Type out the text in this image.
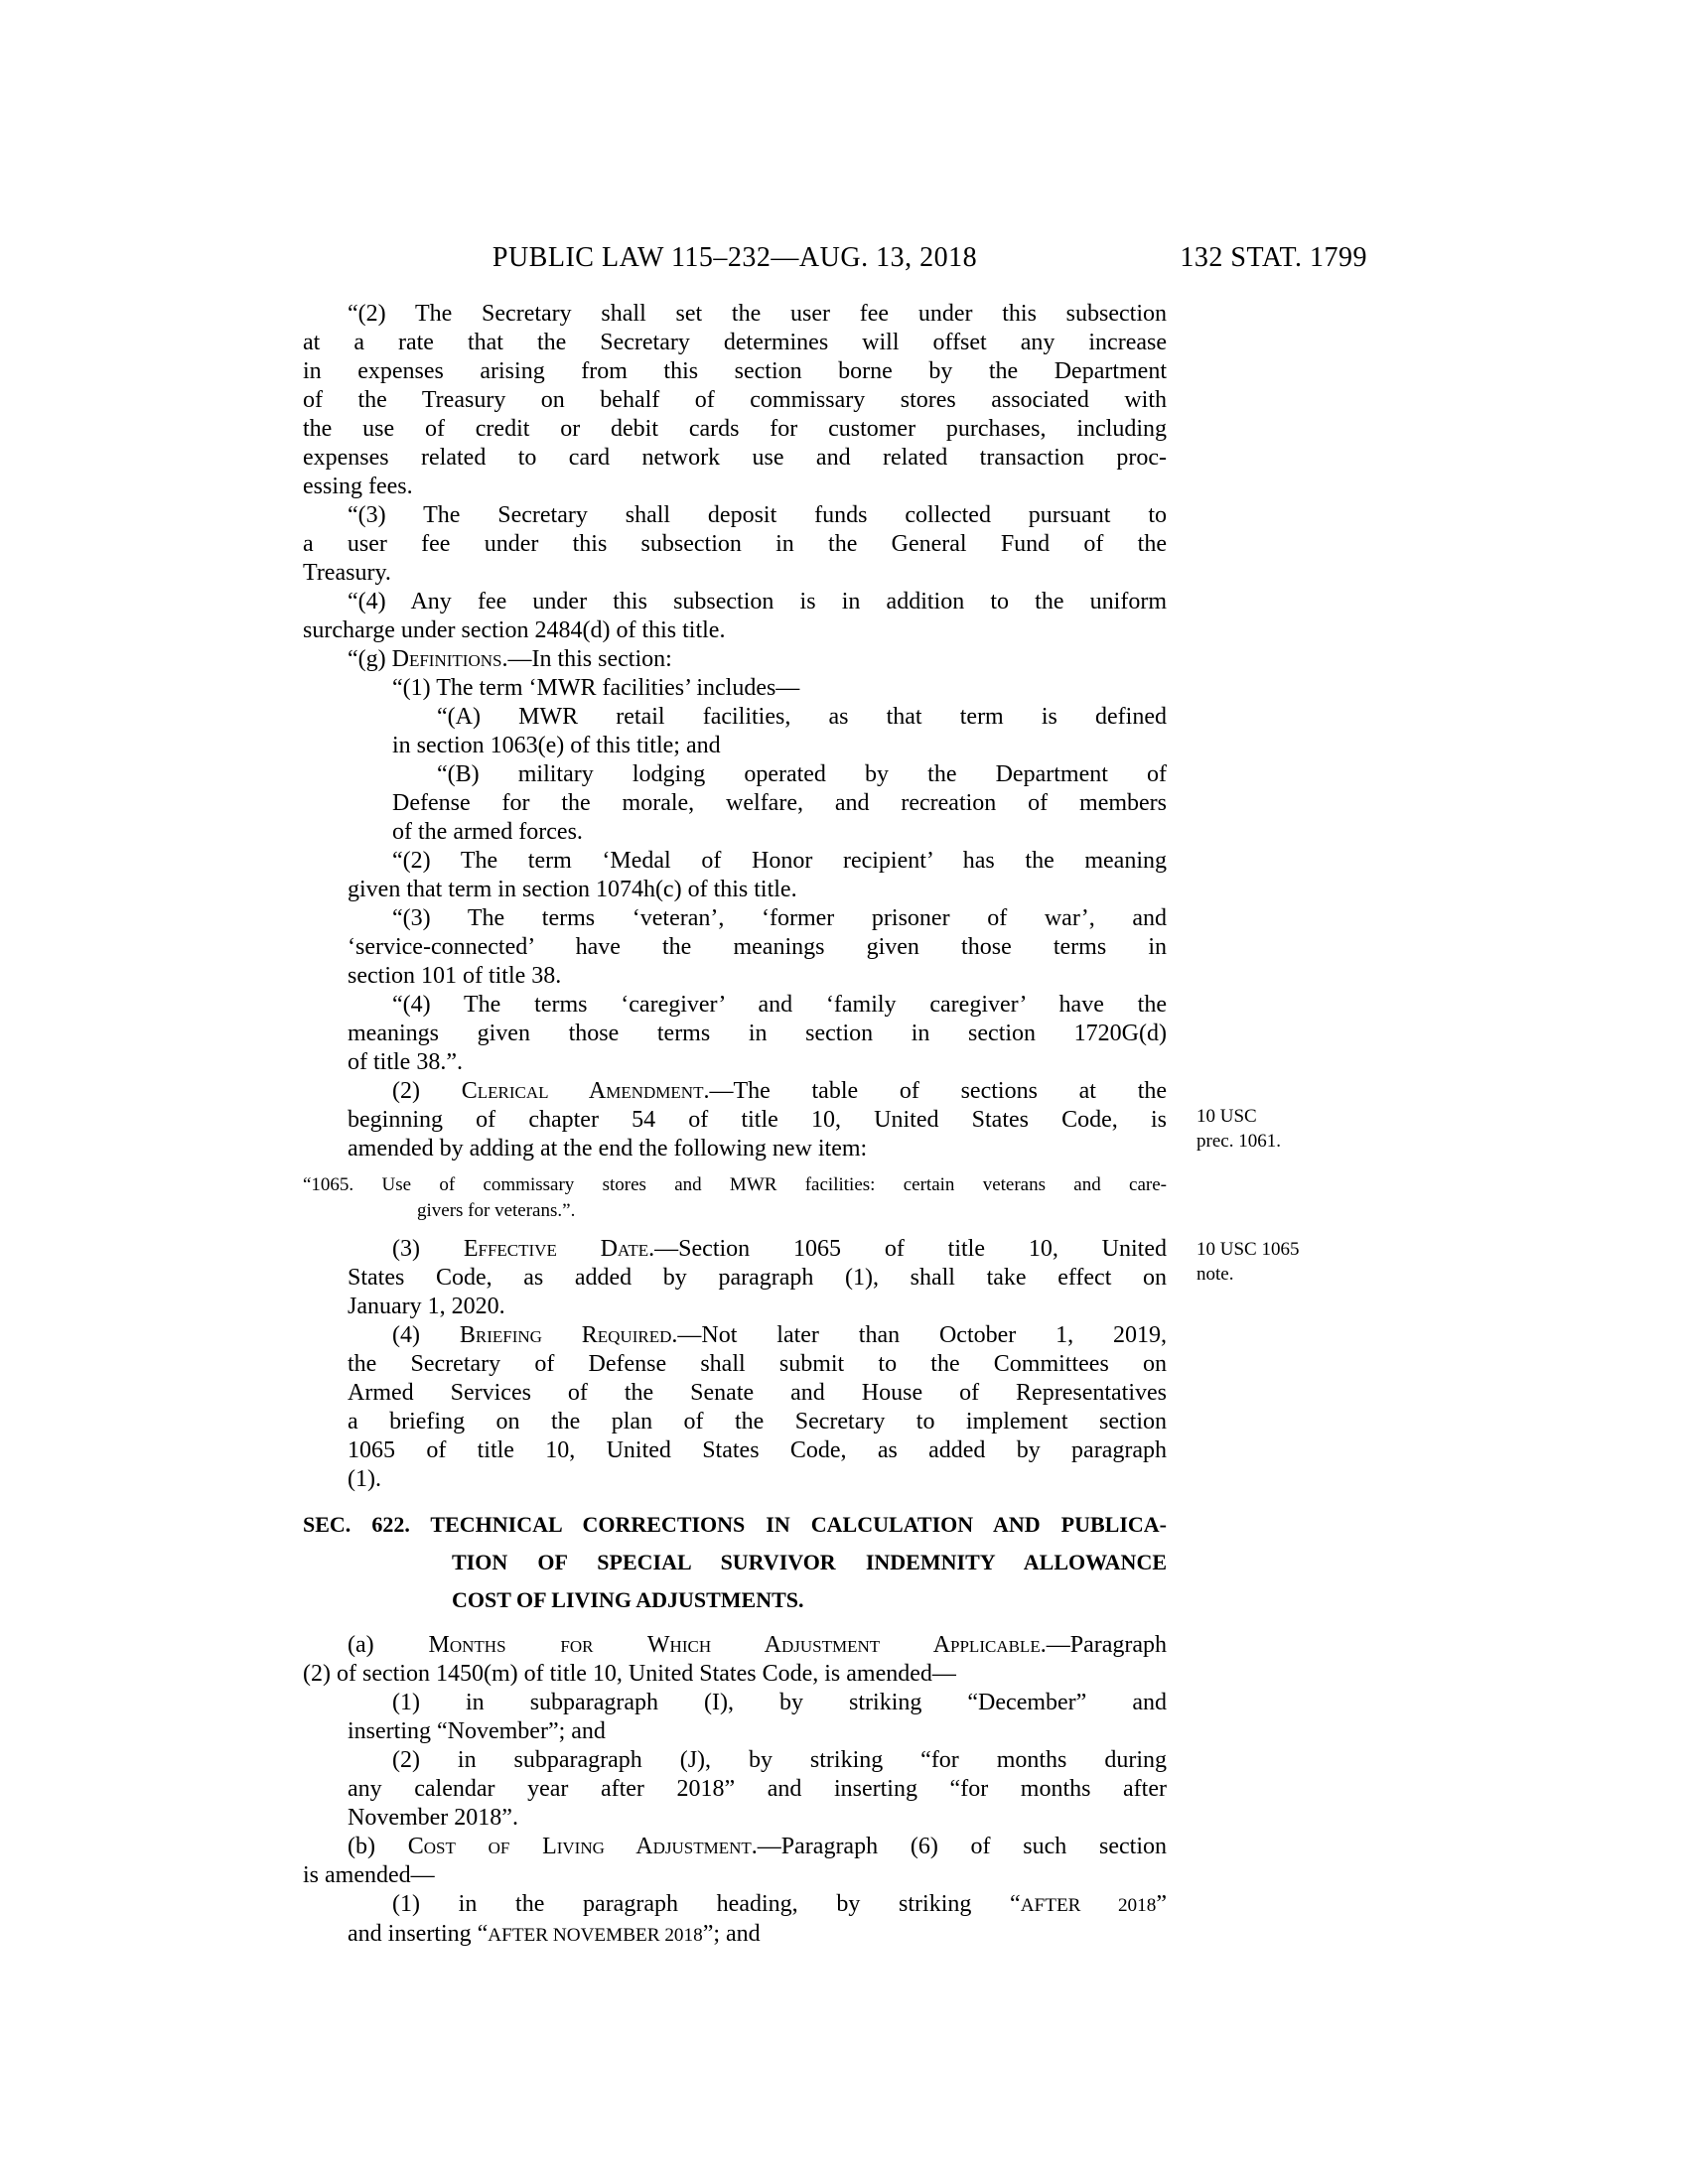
PUBLIC LAW 115–232—AUG. 13, 2018	132 STAT. 1799
“(2) The Secretary shall set the user fee under this subsection
at a rate that the Secretary determines will offset any increase
in expenses arising from this section borne by the Department
of the Treasury on behalf of commissary stores associated with
the use of credit or debit cards for customer purchases, including
expenses related to card network use and related transaction proc-
essing fees.
“(3) The Secretary shall deposit funds collected pursuant to
a user fee under this subsection in the General Fund of the
Treasury.
“(4) Any fee under this subsection is in addition to the uniform
surcharge under section 2484(d) of this title.
“(g) Definitions.—In this section:
“(1) The term ‘MWR facilities’ includes—
“(A) MWR retail facilities, as that term is defined
in section 1063(e) of this title; and
“(B) military lodging operated by the Department of
Defense for the morale, welfare, and recreation of members
of the armed forces.
“(2) The term ‘Medal of Honor recipient’ has the meaning
given that term in section 1074h(c) of this title.
“(3) The terms ‘veteran’, ‘former prisoner of war’, and
‘service-connected’ have the meanings given those terms in
section 101 of title 38.
“(4) The terms ‘caregiver’ and ‘family caregiver’ have the
meanings given those terms in section in section 1720G(d)
of title 38.”.
(2) Clerical Amendment.—The table of sections at the
beginning of chapter 54 of title 10, United States Code, is
amended by adding at the end the following new item:
“1065. Use of commissary stores and MWR facilities: certain veterans and care-
givers for veterans.”.
(3) Effective Date.—Section 1065 of title 10, United
States Code, as added by paragraph (1), shall take effect on
January 1, 2020.
(4) Briefing Required.—Not later than October 1, 2019,
the Secretary of Defense shall submit to the Committees on
Armed Services of the Senate and House of Representatives
a briefing on the plan of the Secretary to implement section
1065 of title 10, United States Code, as added by paragraph
(1).
SEC. 622. TECHNICAL CORRECTIONS IN CALCULATION AND PUBLICA-
TION OF SPECIAL SURVIVOR INDEMNITY ALLOWANCE
COST OF LIVING ADJUSTMENTS.
(a) Months for Which Adjustment Applicable.—Paragraph
(2) of section 1450(m) of title 10, United States Code, is amended—
(1) in subparagraph (I), by striking “December” and
inserting “November”; and
(2) in subparagraph (J), by striking “for months during
any calendar year after 2018” and inserting “for months after
November 2018”.
(b) Cost of Living Adjustment.—Paragraph (6) of such section
is amended—
(1) in the paragraph heading, by striking “AFTER 2018”
and inserting “AFTER NOVEMBER 2018”; and
10 USC
prec. 1061.
10 USC 1065
note.
